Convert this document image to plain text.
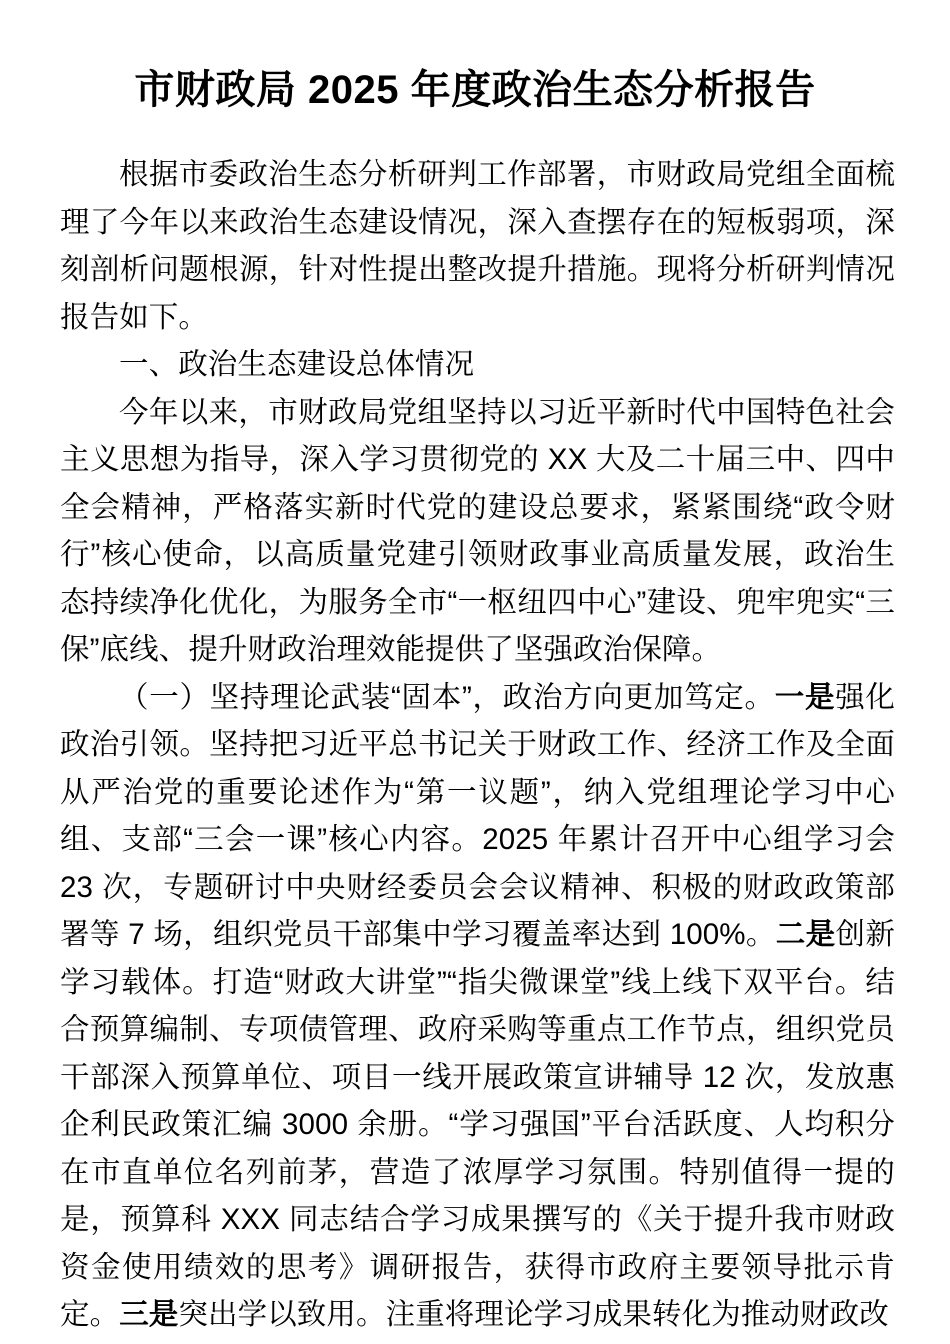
市财政局 2025 年度政治生态分析报告

根据市委政治生态分析研判工作部署，市财政局党组全面梳理了今年以来政治生态建设情况，深入查摆存在的短板弱项，深刻剖析问题根源，针对性提出整改提升措施。现将分析研判情况报告如下。

一、政治生态建设总体情况

今年以来，市财政局党组坚持以习近平新时代中国特色社会主义思想为指导，深入学习贯彻党的 XX 大及二十届三中、四中全会精神，严格落实新时代党的建设总要求，紧紧围绕“政令财行”核心使命，以高质量党建引领财政事业高质量发展，政治生态持续净化优化，为服务全市“一枢纽四中心”建设、兜牢兜实“三保”底线、提升财政治理效能提供了坚强政治保障。

（一）坚持理论武装“固本”，政治方向更加笃定。一是强化政治引领。坚持把习近平总书记关于财政工作、经济工作及全面从严治党的重要论述作为“第一议题”，纳入党组理论学习中心组、支部“三会一课”核心内容。2025 年累计召开中心组学习会 23 次，专题研讨中央财经委员会会议精神、积极的财政政策部署等 7 场，组织党员干部集中学习覆盖率达到 100%。二是创新学习载体。打造“财政大讲堂”“指尖微课堂”线上线下双平台。结合预算编制、专项债管理、政府采购等重点工作节点，组织党员干部深入预算单位、项目一线开展政策宣讲辅导 12 次，发放惠企利民政策汇编 3000 余册。“学习强国”平台活跃度、人均积分在市直单位名列前茅，营造了浓厚学习氛围。特别值得一提的是，预算科 XXX 同志结合学习成果撰写的《关于提升我市财政资金使用绩效的思考》调研报告，获得市政府主要领导批示肯定。三是突出学以致用。注重将理论学习成果转化为推动财政改
